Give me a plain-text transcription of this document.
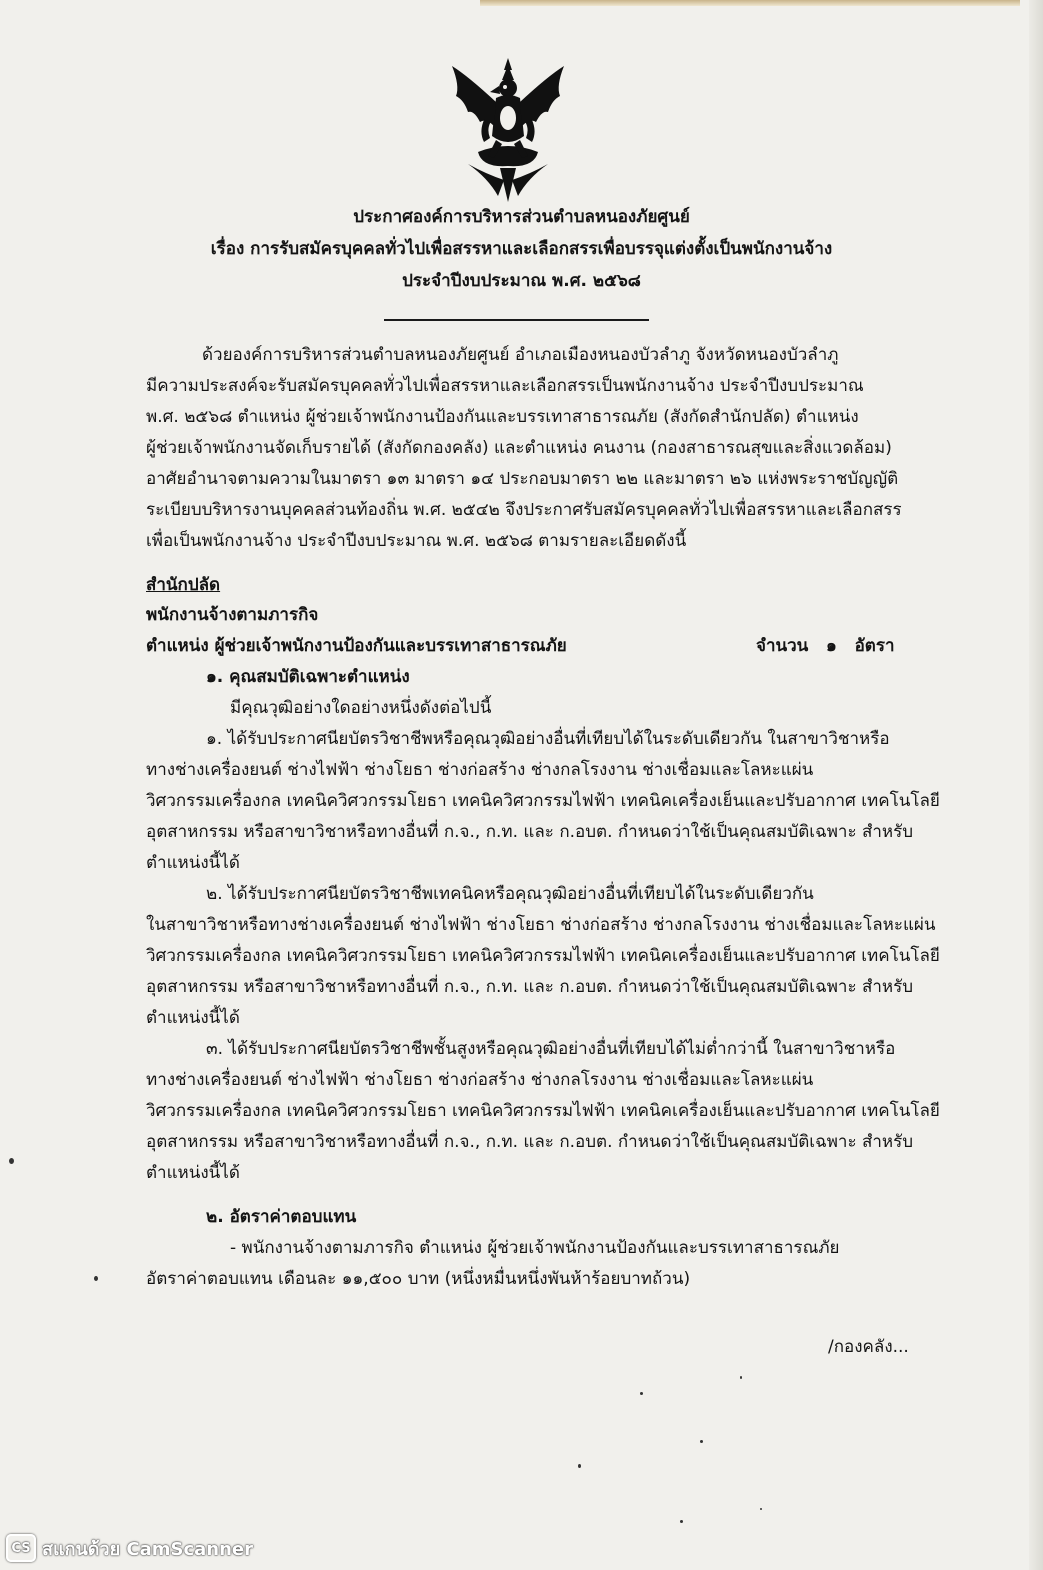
ประกาศองค์การบริหารส่วนตำบลหนองภัยศูนย์
เรื่อง การรับสมัครบุคคลทั่วไปเพื่อสรรหาและเลือกสรรเพื่อบรรจุแต่งตั้งเป็นพนักงานจ้าง
ประจำปีงบประมาณ พ.ศ. ๒๕๖๘
ด้วยองค์การบริหารส่วนตำบลหนองภัยศูนย์ อำเภอเมืองหนองบัวลำภู จังหวัดหนองบัวลำภู
มีความประสงค์จะรับสมัครบุคคลทั่วไปเพื่อสรรหาและเลือกสรรเป็นพนักงานจ้าง ประจำปีงบประมาณ
พ.ศ. ๒๕๖๘ ตำแหน่ง ผู้ช่วยเจ้าพนักงานป้องกันและบรรเทาสาธารณภัย (สังกัดสำนักปลัด) ตำแหน่ง
ผู้ช่วยเจ้าพนักงานจัดเก็บรายได้ (สังกัดกองคลัง) และตำแหน่ง คนงาน (กองสาธารณสุขและสิ่งแวดล้อม)
อาศัยอำนาจตามความในมาตรา ๑๓ มาตรา ๑๔ ประกอบมาตรา ๒๒ และมาตรา ๒๖ แห่งพระราชบัญญัติ
ระเบียบบริหารงานบุคคลส่วนท้องถิ่น พ.ศ. ๒๕๔๒ จึงประกาศรับสมัครบุคคลทั่วไปเพื่อสรรหาและเลือกสรร
เพื่อเป็นพนักงานจ้าง ประจำปีงบประมาณ พ.ศ. ๒๕๖๘ ตามรายละเอียดดังนี้
สำนักปลัด
พนักงานจ้างตามภารกิจ
ตำแหน่ง ผู้ช่วยเจ้าพนักงานป้องกันและบรรเทาสาธารณภัย	จำนวน   ๑   อัตรา
๑. คุณสมบัติเฉพาะตำแหน่ง
มีคุณวุฒิอย่างใดอย่างหนึ่งดังต่อไปนี้
๑. ได้รับประกาศนียบัตรวิชาชีพหรือคุณวุฒิอย่างอื่นที่เทียบได้ในระดับเดียวกัน ในสาขาวิชาหรือ
ทางช่างเครื่องยนต์ ช่างไฟฟ้า ช่างโยธา ช่างก่อสร้าง ช่างกลโรงงาน ช่างเชื่อมและโลหะแผ่น
วิศวกรรมเครื่องกล เทคนิควิศวกรรมโยธา เทคนิควิศวกรรมไฟฟ้า เทคนิคเครื่องเย็นและปรับอากาศ เทคโนโลยี
อุตสาหกรรม หรือสาขาวิชาหรือทางอื่นที่ ก.จ., ก.ท. และ ก.อบต. กำหนดว่าใช้เป็นคุณสมบัติเฉพาะ สำหรับ
ตำแหน่งนี้ได้
๒. ได้รับประกาศนียบัตรวิชาชีพเทคนิคหรือคุณวุฒิอย่างอื่นที่เทียบได้ในระดับเดียวกัน
ในสาขาวิชาหรือทางช่างเครื่องยนต์ ช่างไฟฟ้า ช่างโยธา ช่างก่อสร้าง ช่างกลโรงงาน ช่างเชื่อมและโลหะแผ่น
วิศวกรรมเครื่องกล เทคนิควิศวกรรมโยธา เทคนิควิศวกรรมไฟฟ้า เทคนิคเครื่องเย็นและปรับอากาศ เทคโนโลยี
อุตสาหกรรม หรือสาขาวิชาหรือทางอื่นที่ ก.จ., ก.ท. และ ก.อบต. กำหนดว่าใช้เป็นคุณสมบัติเฉพาะ สำหรับ
ตำแหน่งนี้ได้
๓. ได้รับประกาศนียบัตรวิชาชีพชั้นสูงหรือคุณวุฒิอย่างอื่นที่เทียบได้ไม่ต่ำกว่านี้ ในสาขาวิชาหรือ
ทางช่างเครื่องยนต์ ช่างไฟฟ้า ช่างโยธา ช่างก่อสร้าง ช่างกลโรงงาน ช่างเชื่อมและโลหะแผ่น
วิศวกรรมเครื่องกล เทคนิควิศวกรรมโยธา เทคนิควิศวกรรมไฟฟ้า เทคนิคเครื่องเย็นและปรับอากาศ เทคโนโลยี
อุตสาหกรรม หรือสาขาวิชาหรือทางอื่นที่ ก.จ., ก.ท. และ ก.อบต. กำหนดว่าใช้เป็นคุณสมบัติเฉพาะ สำหรับ
ตำแหน่งนี้ได้
๒. อัตราค่าตอบแทน
- พนักงานจ้างตามภารกิจ ตำแหน่ง ผู้ช่วยเจ้าพนักงานป้องกันและบรรเทาสาธารณภัย
อัตราค่าตอบแทน เดือนละ ๑๑,๕๐๐ บาท (หนึ่งหมื่นหนึ่งพันห้าร้อยบาทถ้วน)
/กองคลัง...
CS สแกนด้วย CamScanner
